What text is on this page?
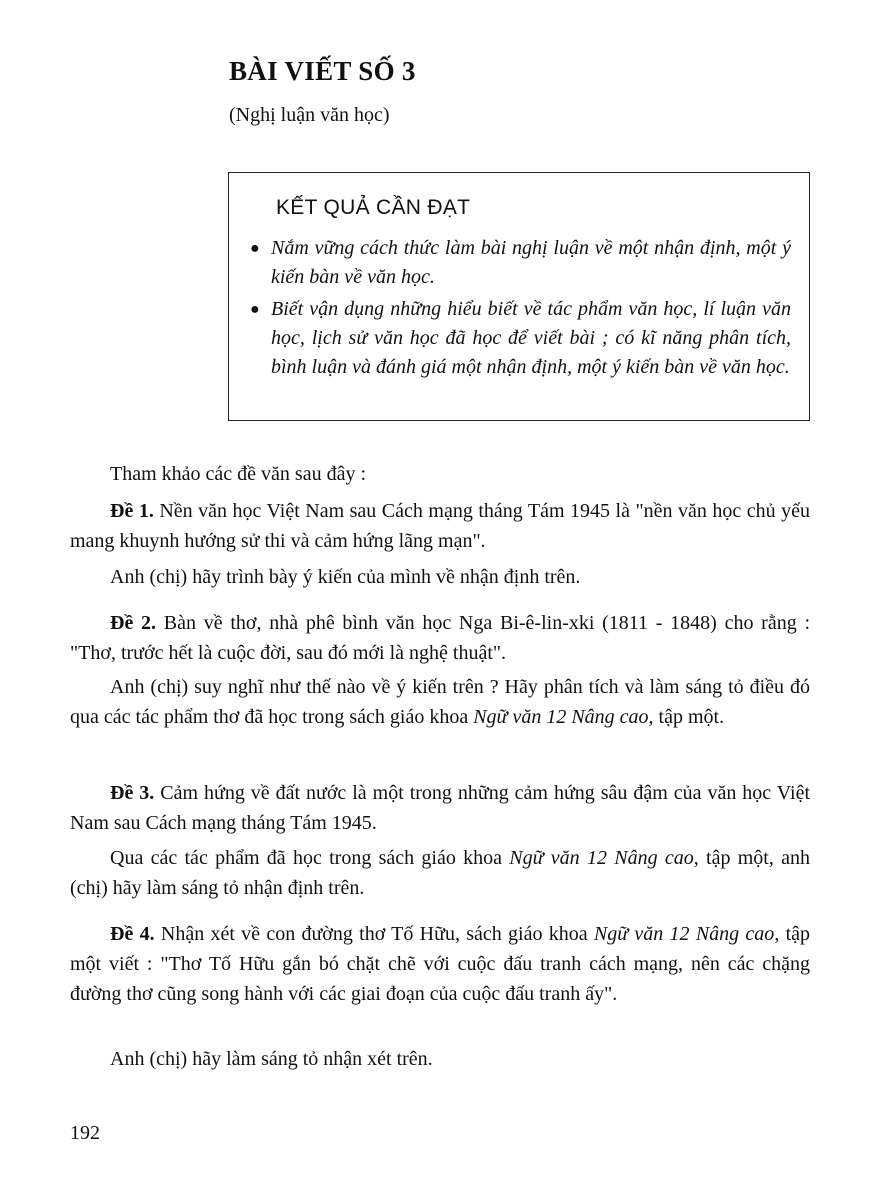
BÀI VIẾT SỐ 3

(Nghị luận văn học)

KẾT QUẢ CẦN ĐẠT

● Nắm vững cách thức làm bài nghị luận về một nhận định, một ý kiến bàn về văn học.
● Biết vận dụng những hiểu biết về tác phẩm văn học, lí luận văn học, lịch sử văn học đã học để viết bài ; có kĩ năng phân tích, bình luận và đánh giá một nhận định, một ý kiến bàn về văn học.

Tham khảo các đề văn sau đây :

Đề 1. Nền văn học Việt Nam sau Cách mạng tháng Tám 1945 là "nền văn học chủ yếu mang khuynh hướng sử thi và cảm hứng lãng mạn".

Anh (chị) hãy trình bày ý kiến của mình về nhận định trên.

Đề 2. Bàn về thơ, nhà phê bình văn học Nga Bi-ê-lin-xki (1811 - 1848) cho rằng : "Thơ, trước hết là cuộc đời, sau đó mới là nghệ thuật".

Anh (chị) suy nghĩ như thế nào về ý kiến trên ? Hãy phân tích và làm sáng tỏ điều đó qua các tác phẩm thơ đã học trong sách giáo khoa Ngữ văn 12 Nâng cao, tập một.

Đề 3. Cảm hứng về đất nước là một trong những cảm hứng sâu đậm của văn học Việt Nam sau Cách mạng tháng Tám 1945.

Qua các tác phẩm đã học trong sách giáo khoa Ngữ văn 12 Nâng cao, tập một, anh (chị) hãy làm sáng tỏ nhận định trên.

Đề 4. Nhận xét về con đường thơ Tố Hữu, sách giáo khoa Ngữ văn 12 Nâng cao, tập một viết : "Thơ Tố Hữu gắn bó chặt chẽ với cuộc đấu tranh cách mạng, nên các chặng đường thơ cũng song hành với các giai đoạn của cuộc đấu tranh ấy".

Anh (chị) hãy làm sáng tỏ nhận xét trên.

192
